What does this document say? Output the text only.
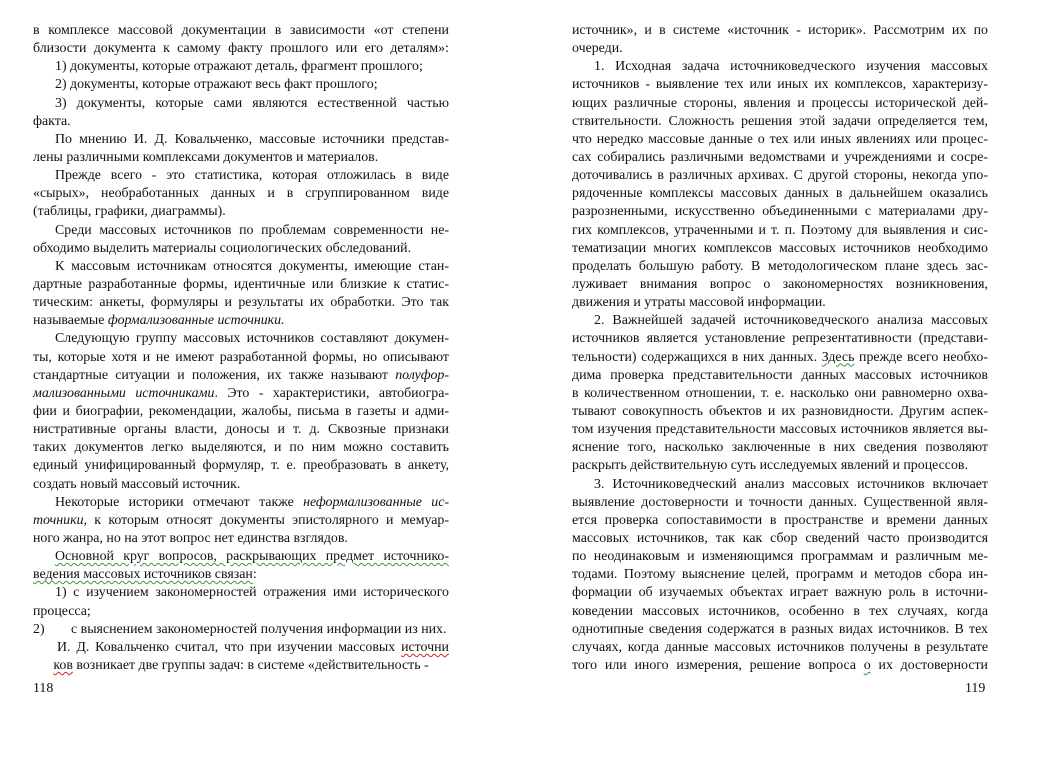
в комплексе массовой документации в зависимости «от степени
близости документа к самому факту прошлого или его деталям»:
1) документы, которые отражают деталь, фрагмент прошлого;
2) документы, которые отражают весь факт прошлого;
3) документы, которые сами являются естественной частью
факта.
По мнению И. Д. Ковальченко, массовые источники представ-
лены различными комплексами документов и материалов.
Прежде всего - это статистика, которая отложилась в виде
«сырых», необработанных данных и в сгруппированном виде
(таблицы, графики, диаграммы).
Среди массовых источников по проблемам современности не-
обходимо выделить материалы социологических обследований.
К массовым источникам относятся документы, имеющие стан-
дартные разработанные формы, идентичные или близкие к статис-
тическим: анкеты, формуляры и результаты их обработки. Это так
называемые формализованные источники.
Следующую группу массовых источников составляют докумен-
ты, которые хотя и не имеют разработанной формы, но описывают
стандартные ситуации и положения, их также называют полуфор-
мализованными источниками. Это - характеристики, автобиогра-
фии и биографии, рекомендации, жалобы, письма в газеты и адми-
нистративные органы власти, доносы и т. д. Сквозные признаки
таких документов легко выделяются, и по ним можно составить
единый унифицированный формуляр, т. е. преобразовать в анкету,
создать новый массовый источник.
Некоторые историки отмечают также неформализованные ис-
точники, к которым относят документы эпистолярного и мемуар-
ного жанра, но на этот вопрос нет единства взглядов.
Основной круг вопросов, раскрывающих предмет источнико-
ведения массовых источников связан:
1) с изучением закономерностей отражения ими исторического
процесса;
2) с выяснением закономерностей получения информации из них.
И. Д. Ковальченко считал, что при изучении массовых источни
ков возникает две группы задач: в системе «действительность -
118
источник», и в системе «источник - историк». Рассмотрим их по
очереди.
1. Исходная задача источниковедческого изучения массовых
источников - выявление тех или иных их комплексов, характеризу-
ющих различные стороны, явления и процессы исторической дей-
ствительности. Сложность решения этой задачи определяется тем,
что нередко массовые данные о тех или иных явлениях или процес-
сах собирались различными ведомствами и учреждениями и сосре-
доточивались в различных архивах. С другой стороны, некогда упо-
рядоченные комплексы массовых данных в дальнейшем оказались
разрозненными, искусственно объединенными с материалами дру-
гих комплексов, утраченными и т. п. Поэтому для выявления и сис-
тематизации многих комплексов массовых источников необходимо
проделать большую работу. В методологическом плане здесь зас-
луживает внимания вопрос о закономерностях возникновения,
движения и утраты массовой информации.
2. Важнейшей задачей источниковедческого анализа массовых
источников является установление репрезентативности (представи-
тельности) содержащихся в них данных. Здесь прежде всего необхо-
дима проверка представительности данных массовых источников
в количественном отношении, т. е. насколько они равномерно охва-
тывают совокупность объектов и их разновидности. Другим аспек-
том изучения представительности массовых источников является вы-
яснение того, насколько заключенные в них сведения позволяют
раскрыть действительную суть исследуемых явлений и процессов.
3. Источниковедческий анализ массовых источников включает
выявление достоверности и точности данных. Существенной явля-
ется проверка сопоставимости в пространстве и времени данных
массовых источников, так как сбор сведений часто производится
по неодинаковым и изменяющимся программам и различным ме-
тодами. Поэтому выяснение целей, программ и методов сбора ин-
формации об изучаемых объектах играет важную роль в источни-
коведении массовых источников, особенно в тех случаях, когда
однотипные сведения содержатся в разных видах источников. В тех
случаях, когда данные массовых источников получены в результате
того или иного измерения, решение вопроса о их достоверности
119
